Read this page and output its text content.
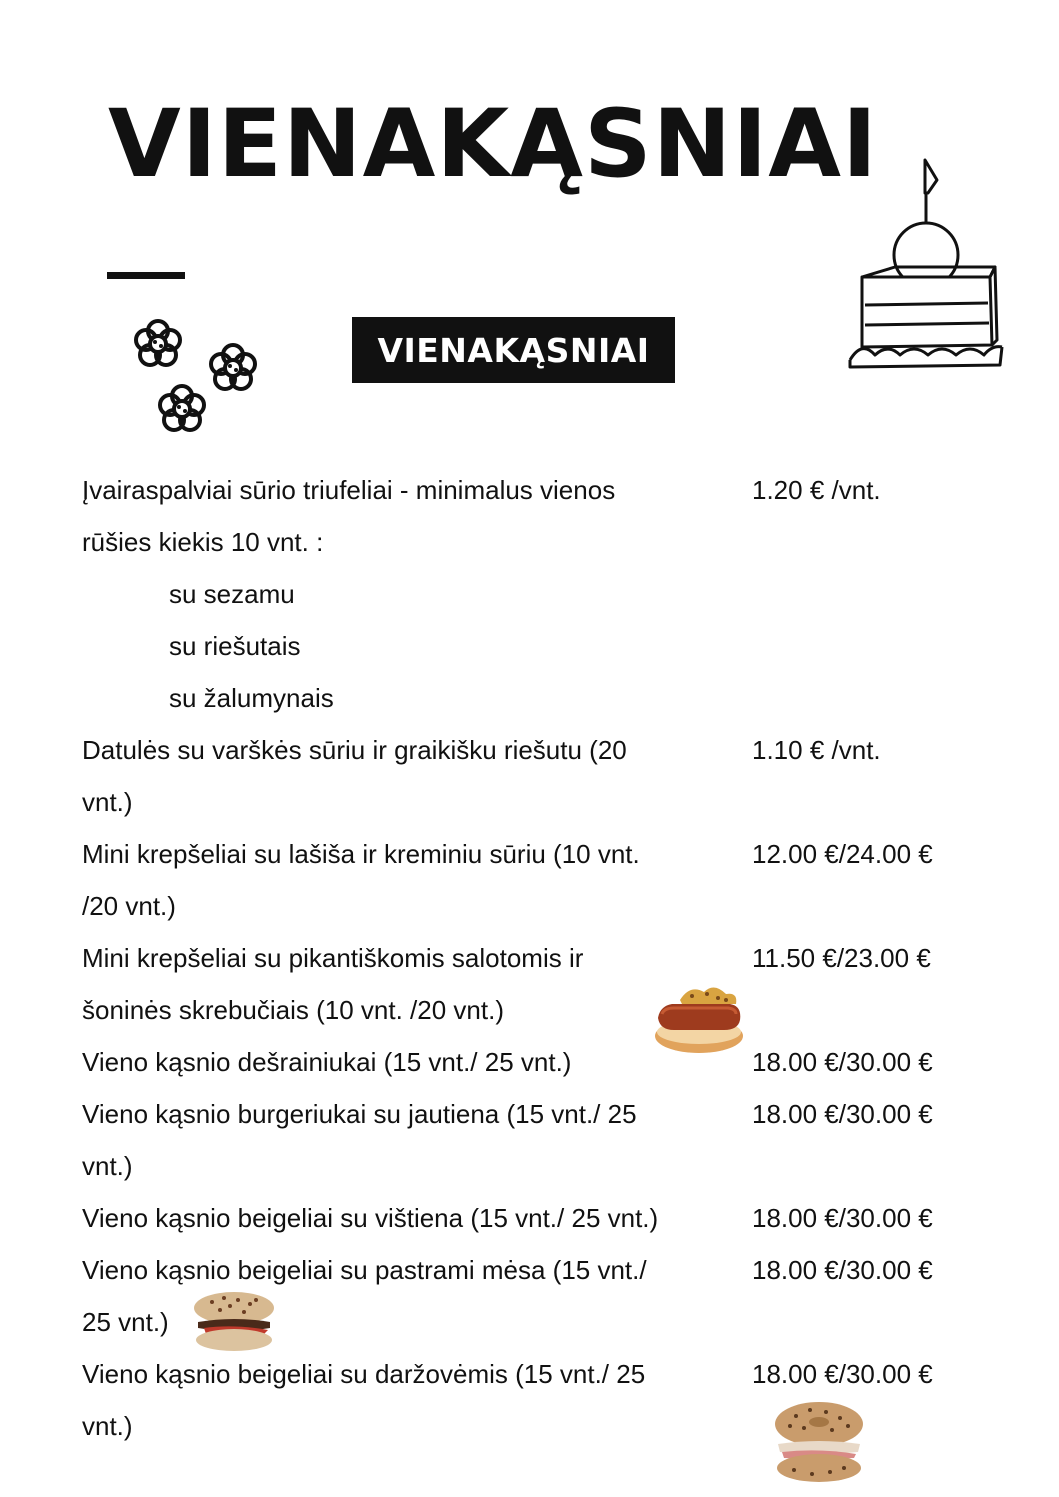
VIENAKĄSNIAI
VIENAKĄSNIAI
Įvairaspalviai sūrio triufeliai - minimalus vienos
rūšies kiekis 10 vnt. :
1.20 € /vnt.
su sezamu
su riešutais
su žalumynais
Datulės su varškės sūriu ir graikišku riešutu (20
vnt.)
1.10 € /vnt.
Mini krepšeliai su lašiša ir kreminiu sūriu (10 vnt.
/20 vnt.)
12.00 €/24.00 €
Mini krepšeliai su pikantiškomis salotomis ir
šoninės skrebučiais (10 vnt. /20 vnt.)
11.50 €/23.00 €
Vieno kąsnio dešrainiukai (15 vnt./ 25 vnt.)	18.00 €/30.00 €
Vieno kąsnio burgeriukai su jautiena (15 vnt./ 25
vnt.)
18.00 €/30.00 €
Vieno kąsnio beigeliai su vištiena (15 vnt./ 25 vnt.)	18.00 €/30.00 €
Vieno kąsnio beigeliai su pastrami mėsa (15 vnt./
25 vnt.)
18.00 €/30.00 €
Vieno kąsnio beigeliai su daržovėmis (15 vnt./ 25
vnt.)
18.00 €/30.00 €
